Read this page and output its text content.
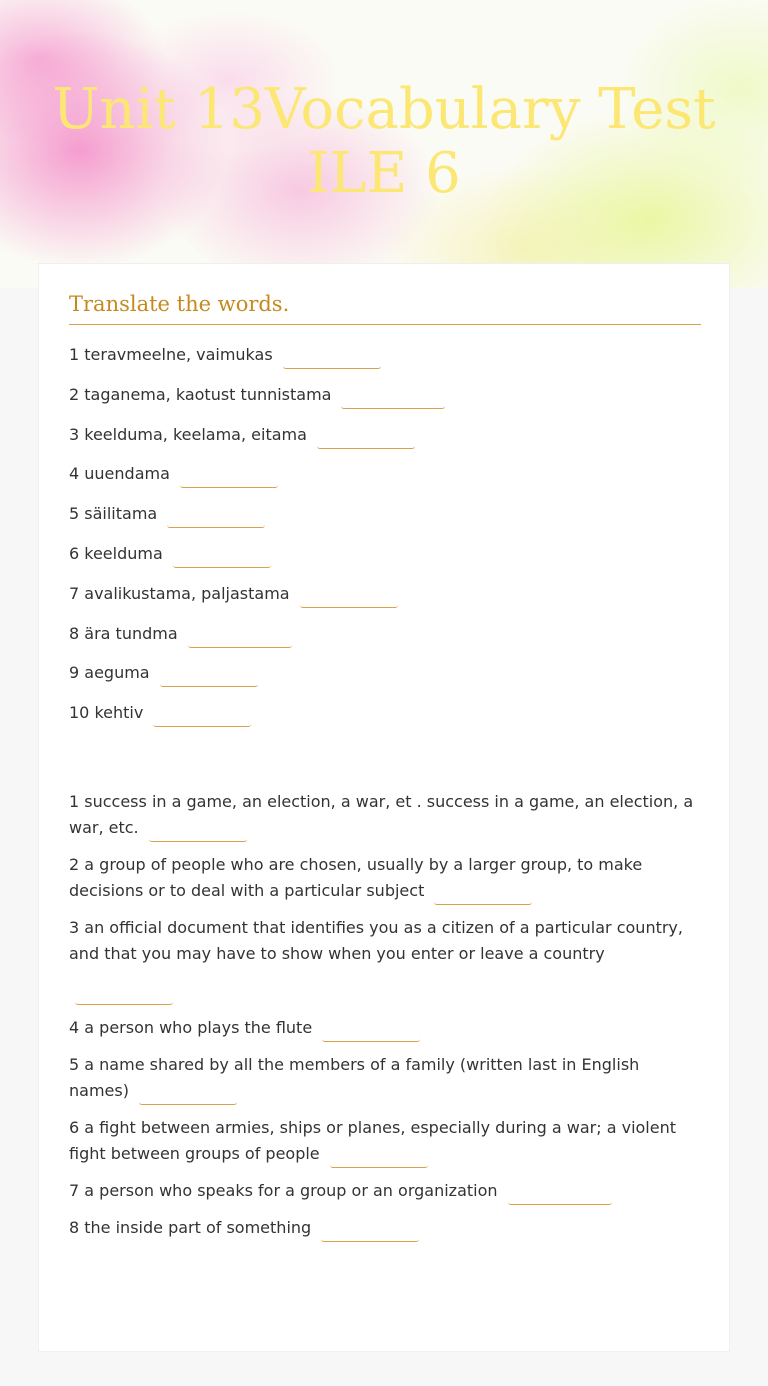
Unit 13Vocabulary Test ILE 6
Translate the words.
1 teravmeelne, vaimukas
2 taganema, kaotust tunnistama
3 keelduma, keelama, eitama
4 uuendama
5 säilitama
6 keelduma
7 avalikustama, paljastama
8 ära tundma
9 aeguma
10 kehtiv
1 success in a game, an election, a war, et . success in a game, an election, a war, etc.
2 a group of people who are chosen, usually by a larger group, to make decisions or to deal with a particular subject
3 an official document that identifies you as a citizen of a particular country, and that you may have to show when you enter or leave a country
4 a person who plays the flute
5 a name shared by all the members of a family (written last in English names)
6 a fight between armies, ships or planes, especially during a war; a violent fight between groups of people
7 a person who speaks for a group or an organization
8 the inside part of something
